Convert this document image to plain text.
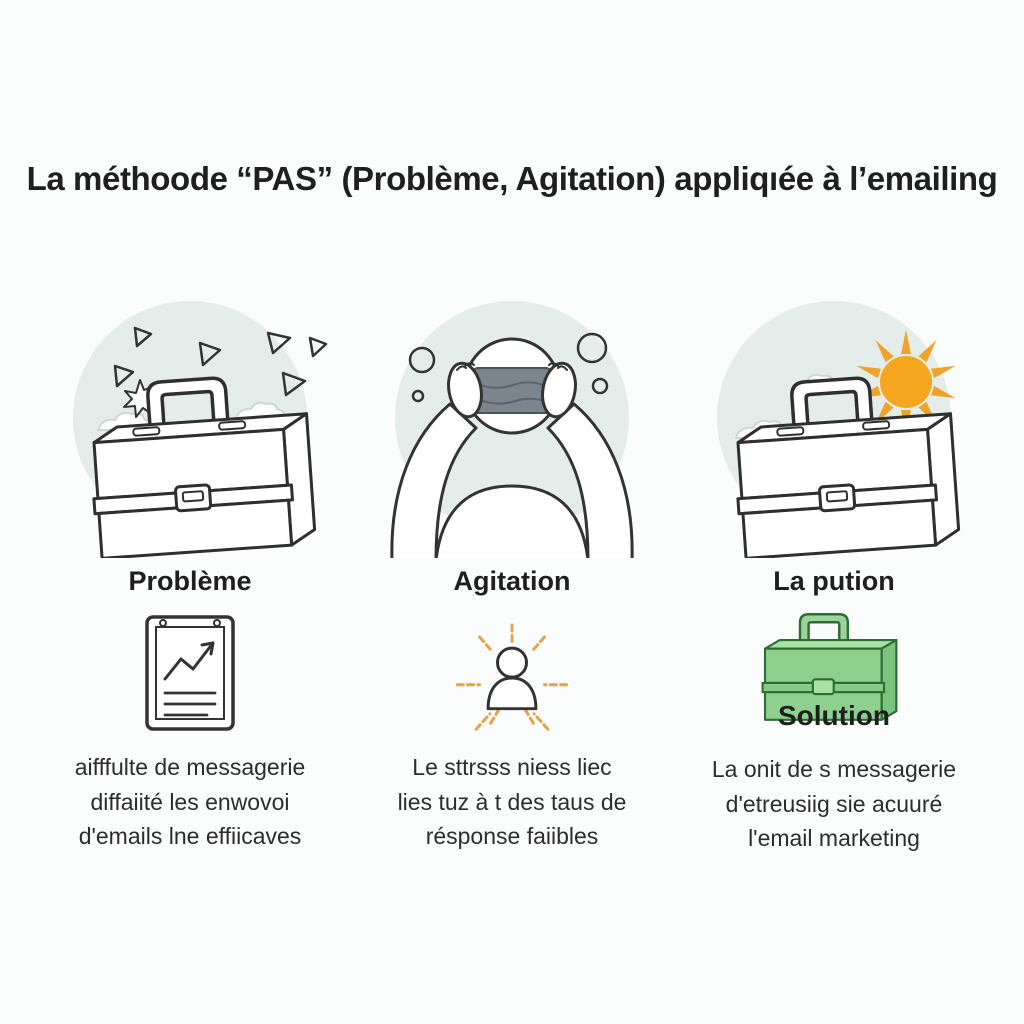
La méthoode “PAS” (Problème, Agitation) appliqıée à l’emailing
Problème
aifffulte de messagerie
diffaiité les enwovoi
d'emails lne effiicaves
Agitation
Le sttrsss niess liec
lies tuz à t des taus de
résponse faiibles
La pution
Solution
La onit de s messagerie
d'etreusiig sie acuuré
l'email marketing
